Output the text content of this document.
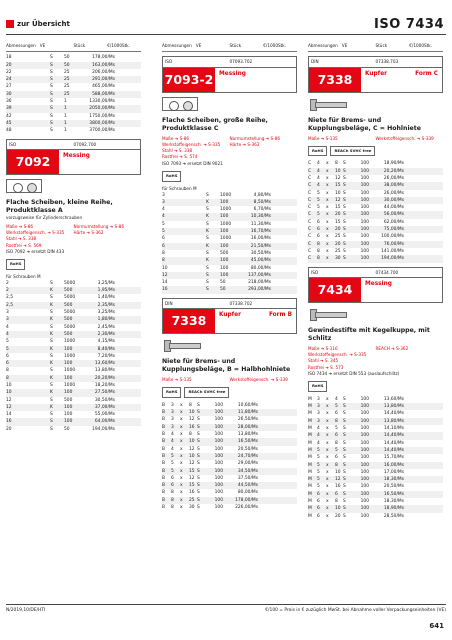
zur Übersicht	ISO 7434
Abmessungen VE	Stück	€/1000Stk.
18	S	50	178,00/Ms
20	S	50	163,00/Ms
22	S	25	206,00/Ms
24	S	25	291,00/Ms
27	S	25	465,00/Ms
30	S	25	588,00/Ms
36	S	1	1330,00/Ms
39	S	1	2050,00/Ms
42	S	1	1750,00/Ms
45	S	1	3800,00/Ms
48	S	1	3700,00/Ms
ISO	07092.700
7092	Messing
Flache Scheiben, kleine Reihe, Produktklasse A
vorzugsweise für Zylinderschrauben
Maße ➔ S-86	Normumstellung ➔ S-86
Werkstoffeigensch. ➔ S-335	Härte ➔ S-362
Stahl ➔ S. 338
Rostfrei ➔ S. 569
ISO 7092 ➔ ersetzt DIN 433
RoHS
für Schrauben M
2	S	5000	3,25/Ms
2	K	500	1,95/Ms
2,5	S	5000	1,40/Ms
2,5	K	500	2,35/Ms
3	S	5000	3,25/Ms
3	K	500	1,80/Ms
4	S	5000	2,45/Ms
4	K	500	2,30/Ms
5	S	1000	4,15/Ms
5	K	100	8,40/Ms
6	S	1000	7,20/Ms
6	K	100	13,60/Ms
8	S	1000	13,80/Ms
8	K	100	20,20/Ms
10	S	1000	18,20/Ms
10	K	100	27,50/Ms
12	S	500	30,50/Ms
12	K	100	37,00/Ms
14	S	100	55,00/Ms
16	S	100	64,00/Ms
20	S	50	194,00/Ms
Abmessungen VE	Stück	€/1000Stk.
ISO	07093.702
7093-2 Messing
Flache Scheiben, große Reihe, Produktklasse C
Maße ➔ S-86	Normumstellung ➔ S-86
Werkstoffeigensch. ➔ S-335	Härte ➔ S-362
Stahl ➔ S. 338
Rostfrei ➔ S. 574
ISO 7093 ➔ ersetzt DIN 9021
RoHS
für Schrauben M
3	S	1000	4,80/Ms
3	K	100	8,50/Ms
4	S	1000	6,70/Ms
4	K	100	10,30/Ms
5	S	1000	11,30/Ms
5	K	100	16,70/Ms
6	S	1000	16,00/Ms
6	K	100	21,50/Ms
8	S	500	30,50/Ms
8	K	100	45,00/Ms
10	S	100	80,00/Ms
12	S	100	137,00/Ms
14	S	50	218,00/Ms
16	S	50	293,00/Ms
DIN	07338.702
7338	Kupfer	Form B
Niete für Brems- und Kupplungsbeläge, B = Halbhohlniete
Maße ➔ S-135	Werkstoffeigensch. ➔ S-339
RoHS	REACh SVHC free
B	3	x	8	S	100	10,60/Ms
B	3	x	10 S	100	11,80/Ms
B	3	x	12 S	100	26,50/Ms
B	3	x	16 S	100	28,00/Ms
B	4	x	8	S	100	13,80/Ms
B	4	x	10 S	100	16,50/Ms
B	4	x	12 S	100	20,50/Ms
B	5	x	10 S	100	24,70/Ms
B	5	x	12 S	100	29,00/Ms
B	5	x	15 S	100	34,50/Ms
B	6	x	12 S	100	37,50/Ms
B	6	x	15 S	100	44,50/Ms
B	8	x	16 S	100	80,00/Ms
B	8	x	25 S	100	178,00/Ms
B	8	x	30 S	100	226,00/Ms
Abmessungen VE	Stück	€/1000Stk.
DIN	07338.703
7338	Kupfer	Form C
Niete für Brems- und Kupplungsbeläge, C = Hohlniete
Maße ➔ S-135	Werkstoffeigensch. ➔ S-339
RoHS	REACh SVHC free
C	4	x	8	S	100	18,90/Ms
C	4	x	10 S	100	20,20/Ms
C	4	x	12 S	100	26,00/Ms
C	4	x	15 S	100	38,00/Ms
C	5	x	10 S	100	26,00/Ms
C	5	x	12 S	100	30,00/Ms
C	5	x	15 S	100	44,00/Ms
C	5	x	20 S	100	56,00/Ms
C	6	x	15 S	100	62,00/Ms
C	6	x	20 S	100	75,00/Ms
C	6	x	25 S	100	100,00/Ms
C	8	x	20 S	100	76,00/Ms
C	8	x	25 S	100	141,00/Ms
C	8	x	30 S	100	194,00/Ms
ISO	07434.700
7434	Messing
Gewindestifte mit Kegelkuppe, mit Schlitz
Maße ➔ S-116	REACH ➔ S-362
Werkstoffeigensch. ➔ S-335
Stahl ➔ S. 345
Rostfrei ➔ S. 573
ISO 7434 ➔ ersetzt DIN 553 (auslaufschlitz)
RoHS
M	3	x	4	S	100	13,60/Ms
M	3	x	5	S	100	13,80/Ms
M	3	x	6	S	100	14,40/Ms
M	3	x	8	S	100	13,80/Ms
M	4	x	5	S	100	14,10/Ms
M	4	x	6	S	100	14,40/Ms
M	4	x	8	S	100	14,40/Ms
M	5	x	5	S	100	14,40/Ms
M	5	x	6	S	100	15,70/Ms
M	5	x	8	S	100	16,00/Ms
M	5	x	10 S	100	17,00/Ms
M	5	x	12 S	100	18,30/Ms
M	5	x	16 S	100	20,50/Ms
M	6	x	6	S	100	16,50/Ms
M	6	x	8	S	100	18,30/Ms
M	6	x	10 S	100	18,90/Ms
M	6	x	20 S	100	28,50/Ms
N/2019,10/DE/HTI	€/100 = Preis in € zuzüglich MwSt. bei Abnahme voller Verpackungseinheiten (VE)
641
